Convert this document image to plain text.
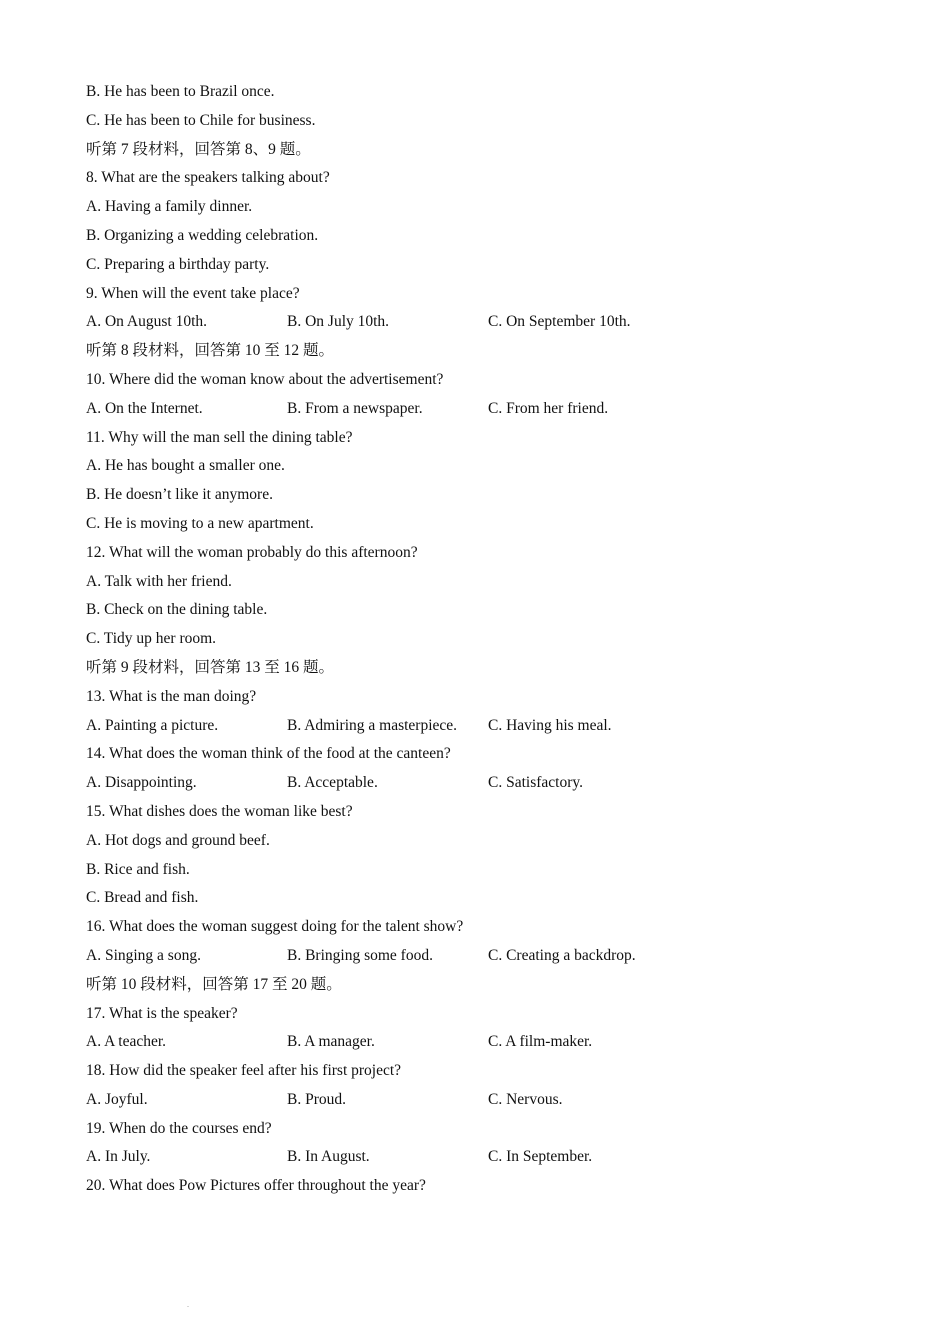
B. He has been to Brazil once.
C. He has been to Chile for business.
听第 7 段材料，回答第 8、9 题。
8. What are the speakers talking about?
A. Having a family dinner.
B. Organizing a wedding celebration.
C. Preparing a birthday party.
9. When will the event take place?
A. On August 10th.	B. On July 10th.	C. On September 10th.
听第 8 段材料，回答第 10 至 12 题。
10. Where did the woman know about the advertisement?
A. On the Internet.	B. From a newspaper.	C. From her friend.
11. Why will the man sell the dining table?
A. He has bought a smaller one.
B. He doesn’t like it anymore.
C. He is moving to a new apartment.
12. What will the woman probably do this afternoon?
A. Talk with her friend.
B. Check on the dining table.
C. Tidy up her room.
听第 9 段材料，回答第 13 至 16 题。
13. What is the man doing?
A. Painting a picture.	B. Admiring a masterpiece. C. Having his meal.
14. What does the woman think of the food at the canteen?
A. Disappointing.	B. Acceptable.	C. Satisfactory.
15. What dishes does the woman like best?
A. Hot dogs and ground beef.
B. Rice and fish.
C. Bread and fish.
16. What does the woman suggest doing for the talent show?
A. Singing a song.	B. Bringing some food.	C. Creating a backdrop.
听第 10 段材料，回答第 17 至 20 题。
17. What is the speaker?
A. A teacher.	B. A manager.	C. A film-maker.
18. How did the speaker feel after his first project?
A. Joyful.	B. Proud.	C. Nervous.
19. When do the courses end?
A. In July.	B. In August.	C. In September.
20. What does Pow Pictures offer throughout the year?
.
